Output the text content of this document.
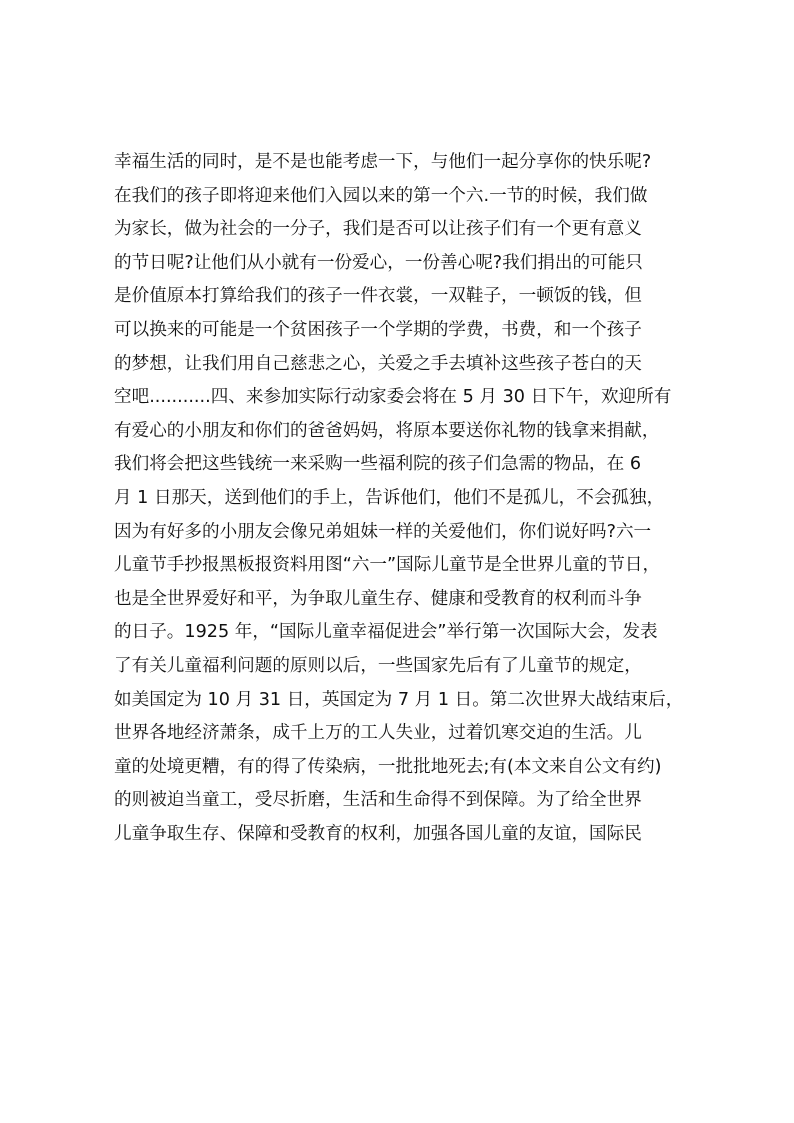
幸福生活的同时，是不是也能考虑一下，与他们一起分享你的快乐呢?
在我们的孩子即将迎来他们入园以来的第一个六.一节的时候，我们做
为家长，做为社会的一分子，我们是否可以让孩子们有一个更有意义
的节日呢?让他们从小就有一份爱心，一份善心呢?我们捐出的可能只
是价值原本打算给我们的孩子一件衣裳，一双鞋子，一顿饭的钱，但
可以换来的可能是一个贫困孩子一个学期的学费，书费，和一个孩子
的梦想，让我们用自己慈悲之心，关爱之手去填补这些孩子苍白的天
空吧...........四、来参加实际行动家委会将在 5 月 30 日下午，欢迎所有
有爱心的小朋友和你们的爸爸妈妈，将原本要送你礼物的钱拿来捐献，
我们将会把这些钱统一来采购一些福利院的孩子们急需的物品，在 6
月 1 日那天，送到他们的手上，告诉他们，他们不是孤儿，不会孤独，
因为有好多的小朋友会像兄弟姐妹一样的关爱他们，你们说好吗?六一
儿童节手抄报黑板报资料用图“六一”国际儿童节是全世界儿童的节日，
也是全世界爱好和平，为争取儿童生存、健康和受教育的权利而斗争
的日子。1925 年，“国际儿童幸福促进会”举行第一次国际大会，发表
了有关儿童福利问题的原则以后，一些国家先后有了儿童节的规定，
如美国定为 10 月 31 日，英国定为 7 月 1 日。第二次世界大战结束后，
世界各地经济萧条，成千上万的工人失业，过着饥寒交迫的生活。儿
童的处境更糟，有的得了传染病，一批批地死去;有(本文来自公文有约)
的则被迫当童工，受尽折磨，生活和生命得不到保障。为了给全世界
儿童争取生存、保障和受教育的权利，加强各国儿童的友谊，国际民
